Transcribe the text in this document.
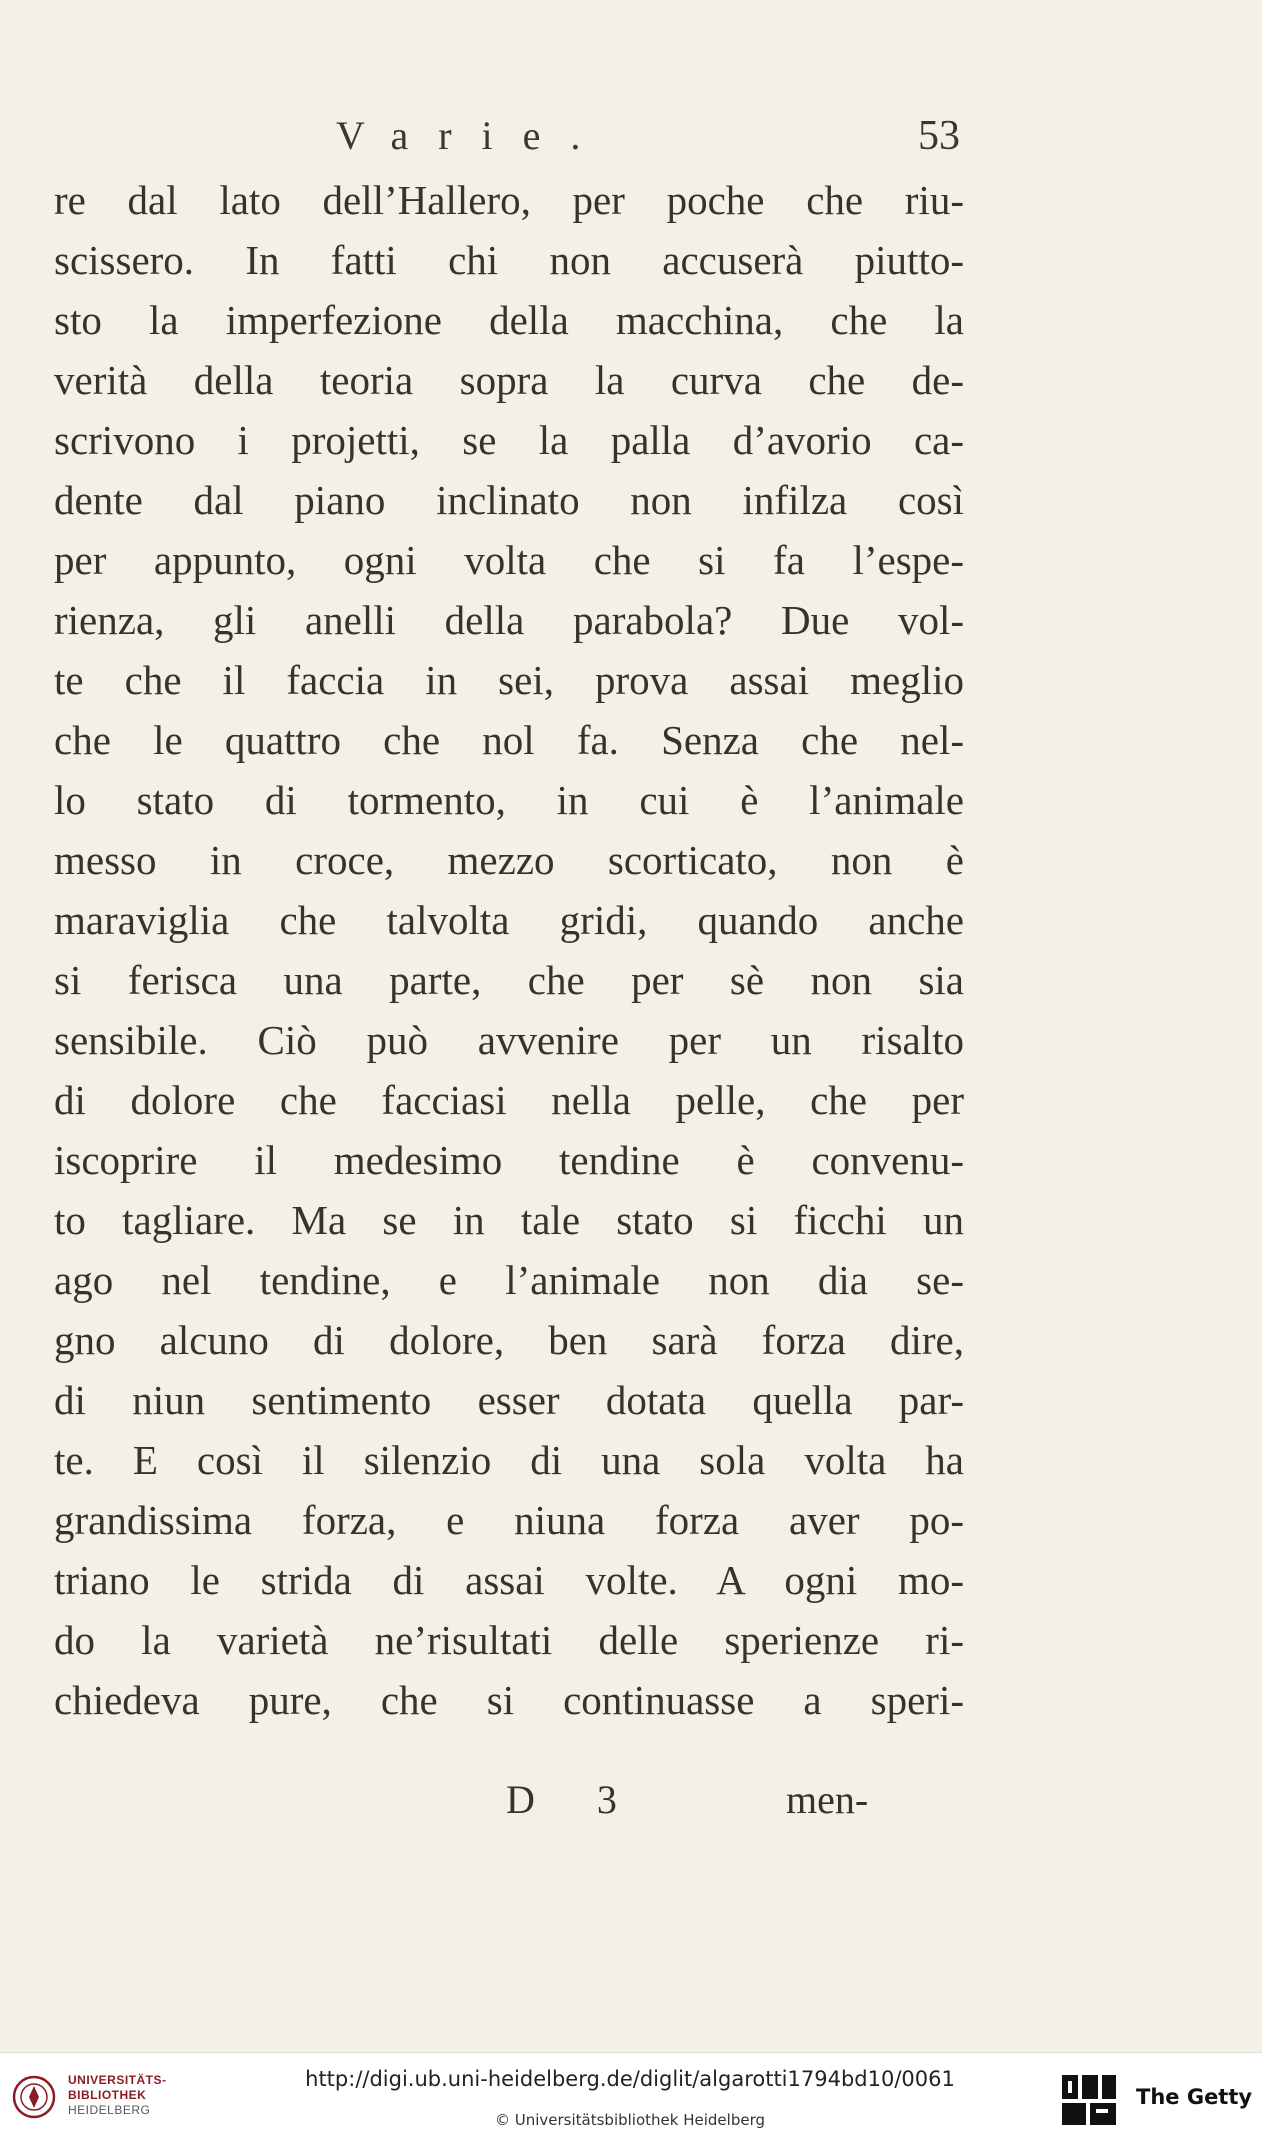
Varie.	53
re dal lato dell’Hallero, per poche che riu-
scissero. In fatti chi non accuserà piutto-
sto la imperfezione della macchina, che la
verità della teoria sopra la curva che de-
scrivono i projetti, se la palla d’avorio ca-
dente dal piano inclinato non infilza così
per appunto, ogni volta che si fa l’espe-
rienza, gli anelli della parabola? Due vol-
te che il faccia in sei, prova assai meglio
che le quattro che nol fa. Senza che nel-
lo stato di tormento, in cui è l’animale
messo in croce, mezzo scorticato, non è
maraviglia che talvolta gridi, quando anche
si ferisca una parte, che per sè non sia
sensibile. Ciò può avvenire per un risalto
di dolore che facciasi nella pelle, che per
iscoprire il medesimo tendine è convenu-
to tagliare. Ma se in tale stato si ficchi un
ago nel tendine, e l’animale non dia se-
gno alcuno di dolore, ben sarà forza dire,
di niun sentimento esser dotata quella par-
te. E così il silenzio di una sola volta ha
grandissima forza, e niuna forza aver po-
triano le strida di assai volte. A ogni mo-
do la varietà ne’risultati delle sperienze ri-
chiedeva pure, che si continuasse a speri-
D 3	men-
UNIVERSITÄTS-
BIBLIOTHEK
HEIDELBERG
http://digi.ub.uni-heidelberg.de/diglit/algarotti1794bd10/0061
© Universitätsbibliothek Heidelberg
The Getty
